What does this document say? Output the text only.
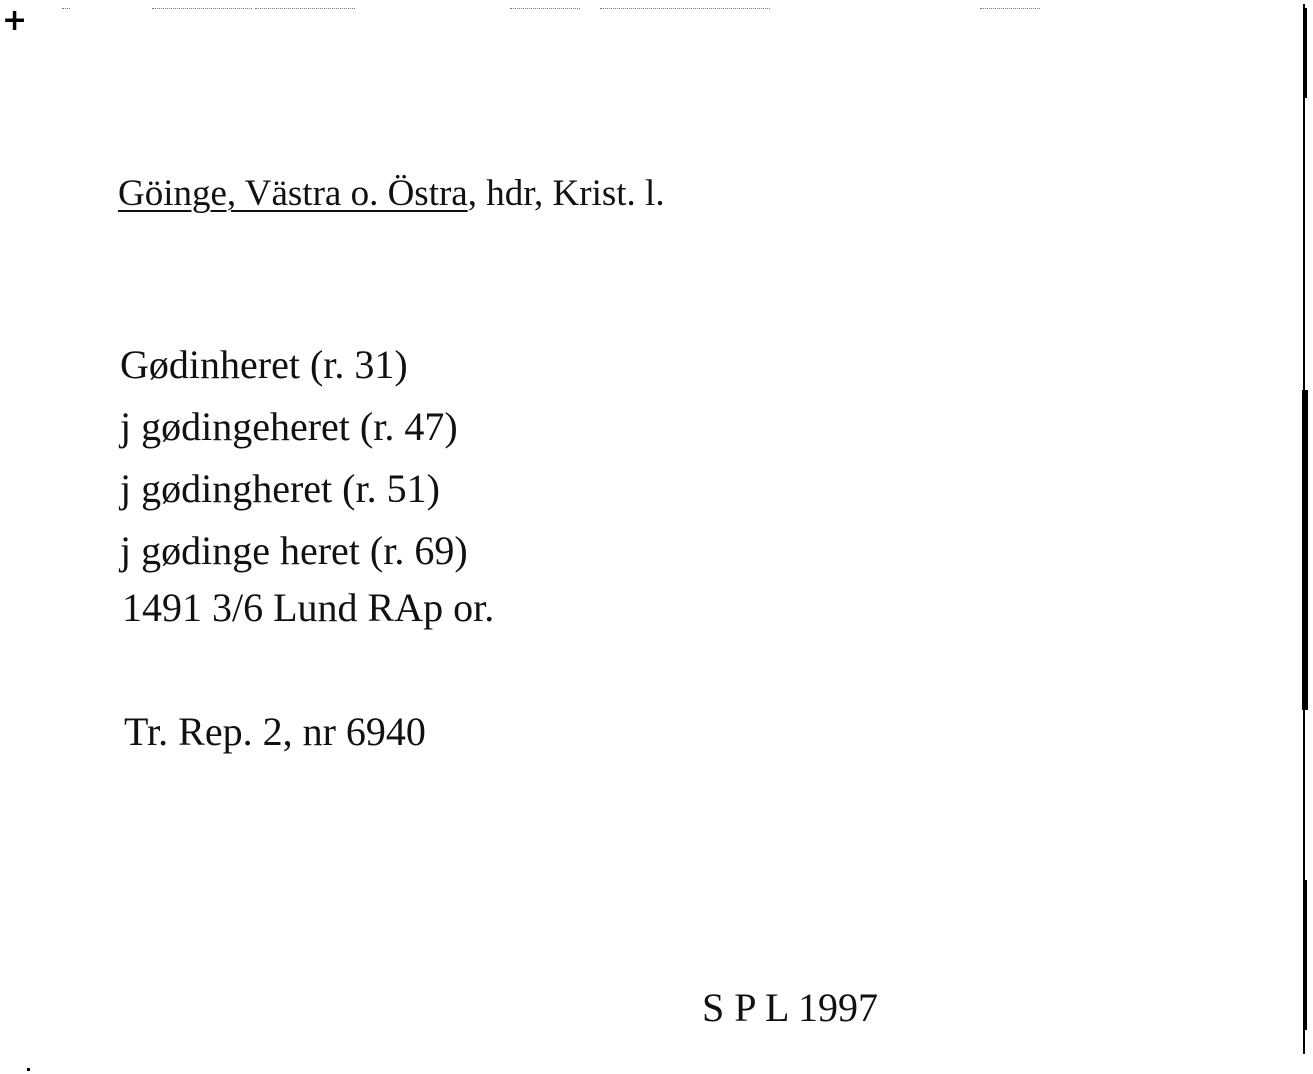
+
Göinge, Västra o. Östra, hdr, Krist. l.
Gødinheret (r. 31)
j gødingeheret (r. 47)
j gødingheret (r. 51)
j gødinge heret (r. 69)
1491 3/6 Lund RAp or.
Tr. Rep. 2, nr 6940
S P L 1997
